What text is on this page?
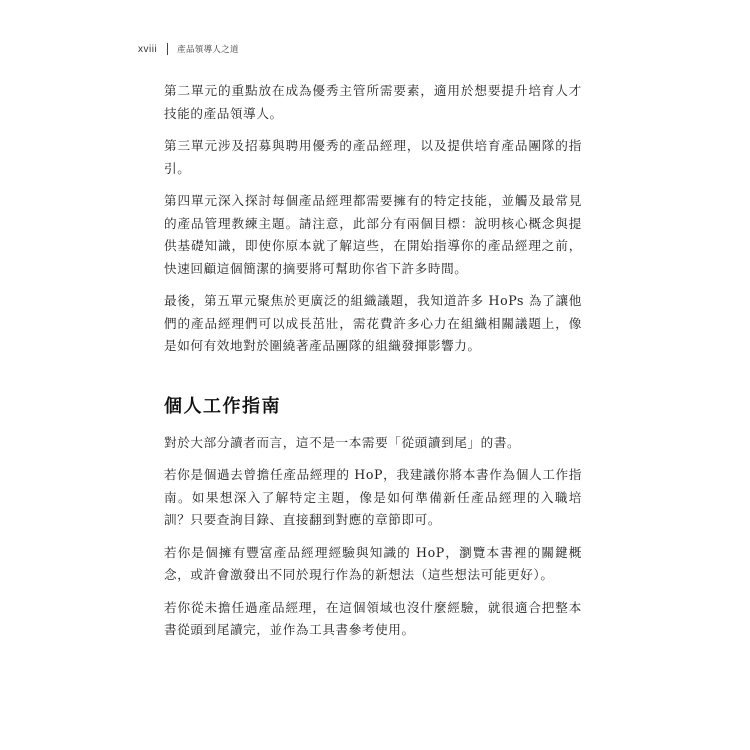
xviii 產品領導人之道

第二單元的重點放在成為優秀主管所需要素，適用於想要提升培育人才技能的產品領導人。

第三單元涉及招募與聘用優秀的產品經理，以及提供培育產品團隊的指引。

第四單元深入探討每個產品經理都需要擁有的特定技能，並觸及最常見的產品管理教練主題。請注意，此部分有兩個目標：說明核心概念與提供基礎知識，即使你原本就了解這些，在開始指導你的產品經理之前，快速回顧這個簡潔的摘要將可幫助你省下許多時間。

最後，第五單元聚焦於更廣泛的組織議題，我知道許多 HoPs 為了讓他們的產品經理們可以成長茁壯，需花費許多心力在組織相關議題上，像是如何有效地對於圍繞著產品團隊的組織發揮影響力。

個人工作指南

對於大部分讀者而言，這不是一本需要「從頭讀到尾」的書。

若你是個過去曾擔任產品經理的 HoP，我建議你將本書作為個人工作指南。如果想深入了解特定主題，像是如何準備新任產品經理的入職培訓？只要查詢目錄、直接翻到對應的章節即可。

若你是個擁有豐富產品經理經驗與知識的 HoP，瀏覽本書裡的關鍵概念，或許會激發出不同於現行作為的新想法（這些想法可能更好）。

若你從未擔任過產品經理，在這個領域也沒什麼經驗，就很適合把整本書從頭到尾讀完，並作為工具書參考使用。
